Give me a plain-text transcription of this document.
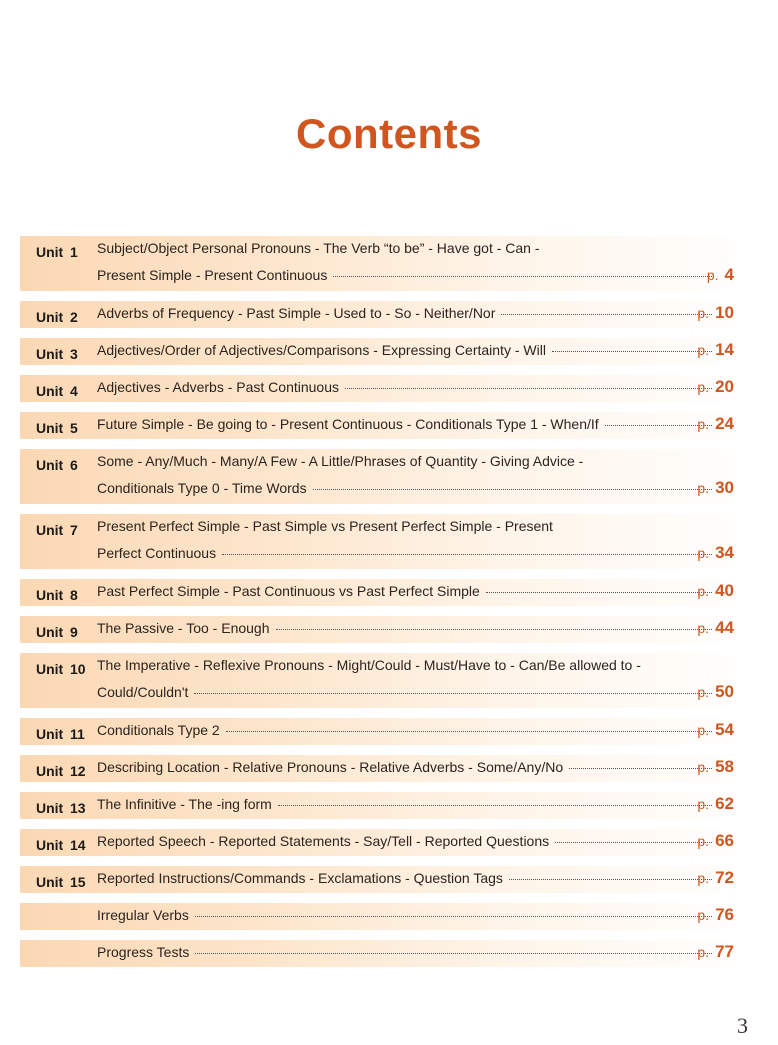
Contents
Unit 1 Subject/Object Personal Pronouns - The Verb “to be” - Have got - Can -
Present Simple - Present Continuous	p. 4
Unit 2 Adverbs of Frequency - Past Simple - Used to - So - Neither/Nor	p. 10
Unit 3 Adjectives/Order of Adjectives/Comparisons - Expressing Certainty - Will	p. 14
Unit 4 Adjectives - Adverbs - Past Continuous	p. 20
Unit 5 Future Simple - Be going to - Present Continuous - Conditionals Type 1 - When/If	p. 24
Unit 6 Some - Any/Much - Many/A Few - A Little/Phrases of Quantity - Giving Advice -
Conditionals Type 0 - Time Words	p. 30
Unit 7 Present Perfect Simple - Past Simple vs Present Perfect Simple - Present
Perfect Continuous	p. 34
Unit 8 Past Perfect Simple - Past Continuous vs Past Perfect Simple	p. 40
Unit 9 The Passive - Too - Enough	p. 44
Unit 10 The Imperative - Reflexive Pronouns - Might/Could - Must/Have to - Can/Be allowed to -
Could/Couldn't	p. 50
Unit 11 Conditionals Type 2	p. 54
Unit 12 Describing Location - Relative Pronouns - Relative Adverbs - Some/Any/No	p. 58
Unit 13 The Infinitive - The -ing form	p. 62
Unit 14 Reported Speech - Reported Statements - Say/Tell - Reported Questions	p. 66
Unit 15 Reported Instructions/Commands - Exclamations - Question Tags	p. 72
Irregular Verbs	p. 76
Progress Tests	p. 77
3
